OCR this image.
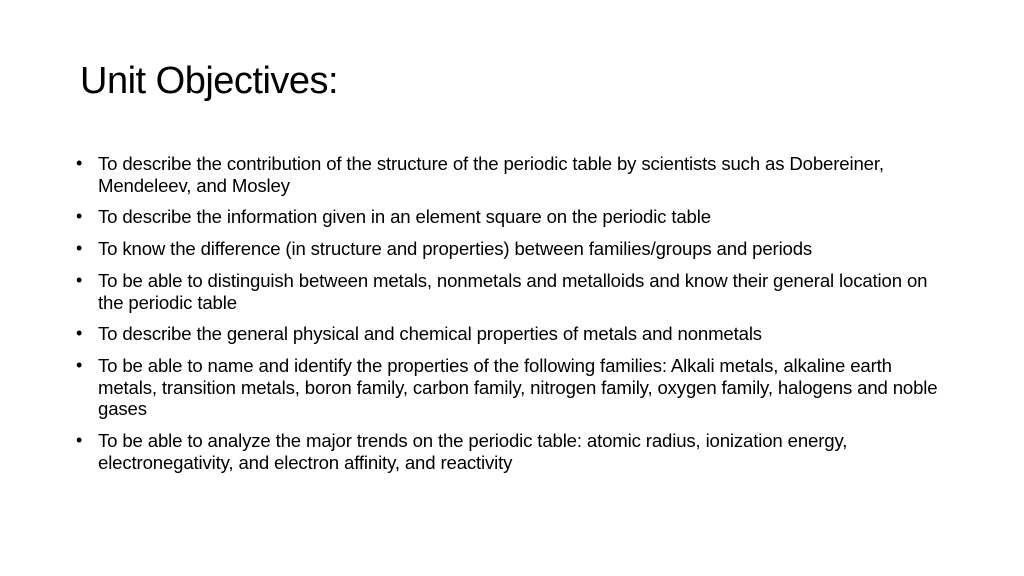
Unit Objectives:
• To describe the contribution of the structure of the periodic table by scientists such as Dobereiner, Mendeleev, and Mosley
• To describe the information given in an element square on the periodic table
• To know the difference (in structure and properties) between families/groups and periods
• To be able to distinguish between metals, nonmetals and metalloids and know their general location on the periodic table
• To describe the general physical and chemical properties of metals and nonmetals
• To be able to name and identify the properties of the following families: Alkali metals, alkaline earth metals, transition metals, boron family, carbon family, nitrogen family, oxygen family, halogens and noble gases
• To be able to analyze the major trends on the periodic table: atomic radius, ionization energy, electronegativity, and electron affinity, and reactivity
